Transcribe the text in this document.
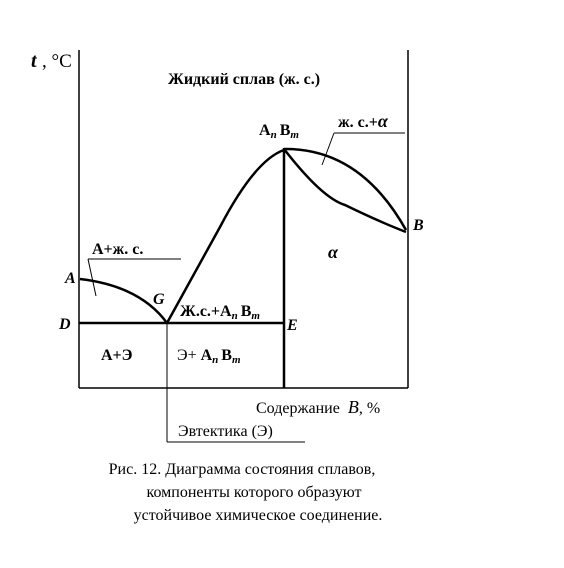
t , °C
Жидкий сплав (ж. с.)
An Bm
ж. с.+α
A+ж. с.	α
A
G
D	E
B
Ж.с.+An Bm
A+Э	Э+ An Bm
Содержание B, %
Эвтектика (Э)
Рис. 12. Диаграмма состояния сплавов,
компоненты которого образуют
устойчивое химическое соединение.
